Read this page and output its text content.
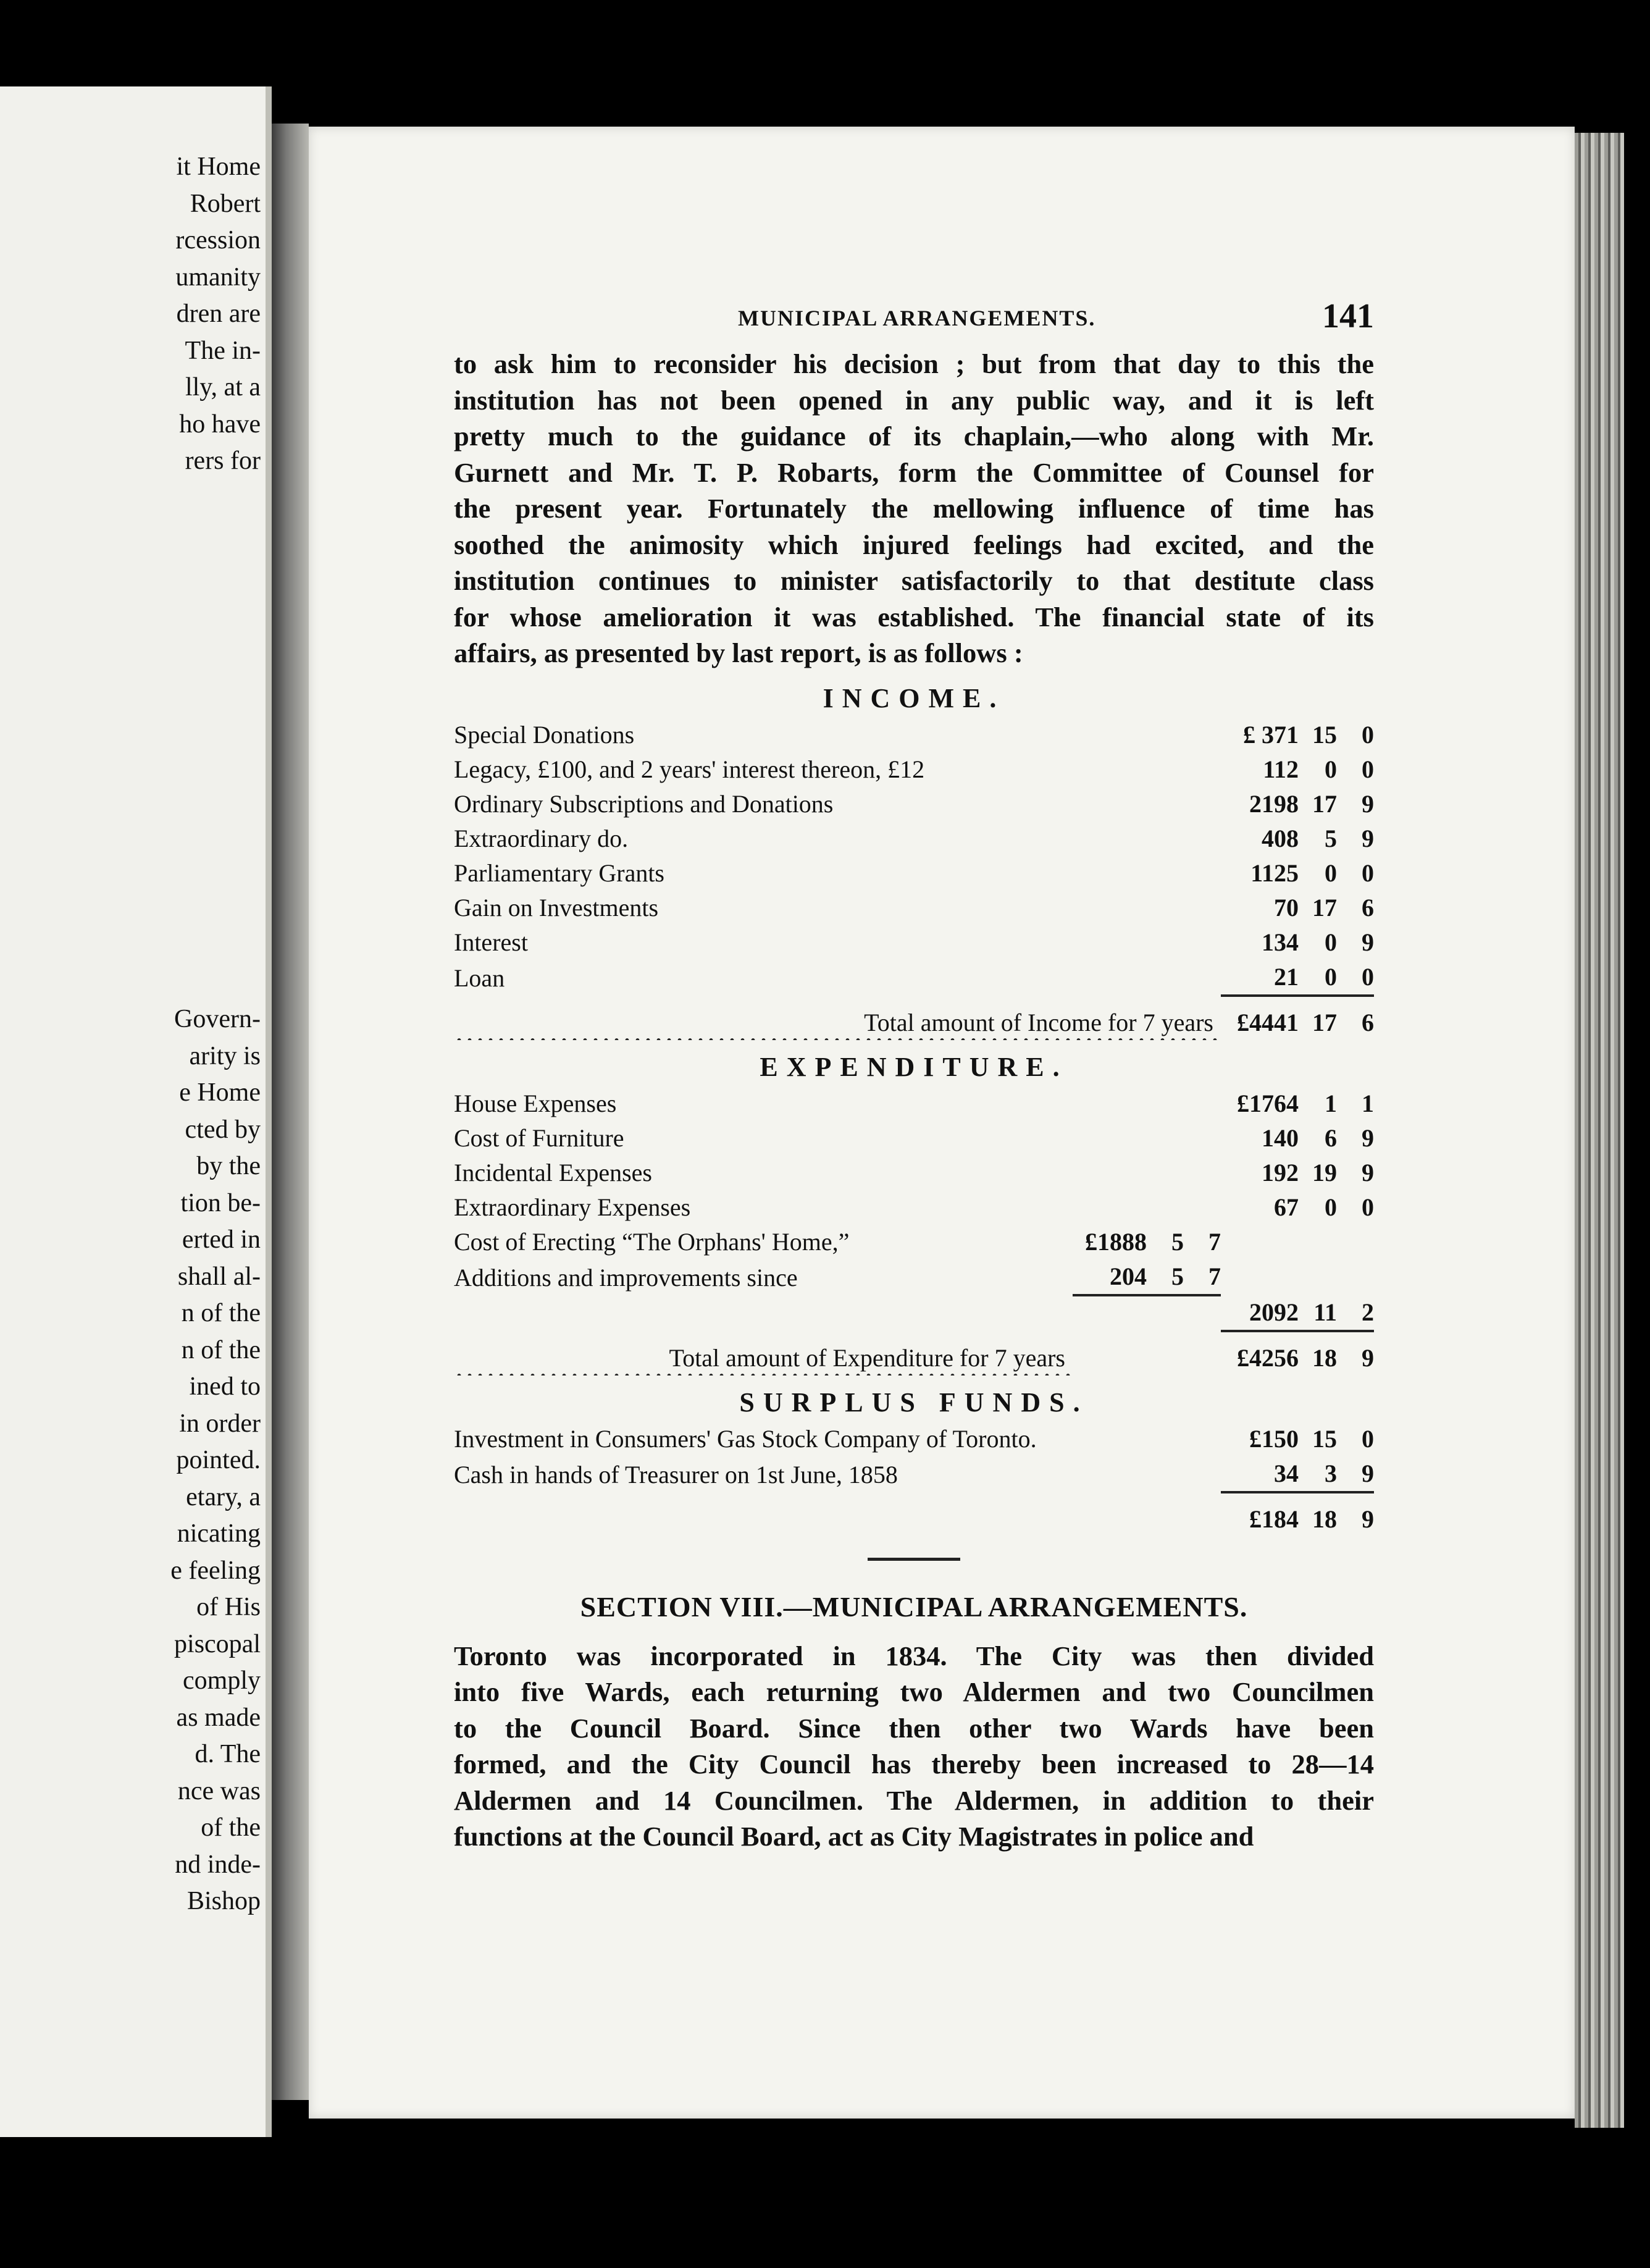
it Home
Robert
rcession
umanity
dren are
The in-
lly, at a
ho have
rers for
Govern-
arity is
e Home
cted by
by the
tion be-
erted in
shall al-
n of the
n of the
ined to
in order
pointed.
etary, a
nicating
e feeling
of His
piscopal
comply
as made
d. The
nce was
of the
nd inde-
Bishop
MUNICIPAL ARRANGEMENTS.	141

to ask him to reconsider his decision ; but from that day to this the
institution has not been opened in any public way, and it is left
pretty much to the guidance of its chaplain,—who along with Mr.
Gurnett and Mr. T. P. Robarts, form the Committee of Counsel for
the present year. Fortunately the mellowing influence of time has
soothed the animosity which injured feelings had excited, and the
institution continues to minister satisfactorily to that destitute class
for whose amelioration it was established. The financial state of its
affairs, as presented by last report, is as follows :

INCOME.
Special Donations	£ 371	15	0
Legacy, £100, and 2 years' interest thereon, £12	112	0	0
Ordinary Subscriptions and Donations	2198	17	9
Extraordinary do.	408	5	9
Parliamentary Grants	1125	0	0
Gain on Investments	70	17	6
Interest	134	0	9
Loan	21	0	0
Total amount of Income for 7 years	£4441	17	6
EXPENDITURE.
House Expenses				£1764	1	1
Cost of Furniture				140	6	9
Incidental Expenses				192	19	9
Extraordinary Expenses				67	0	0
Cost of Erecting “The Orphans' Home,”	£1888	5	7			
Additions and improvements since	204	5	7			
				2092	11	2
Total amount of Expenditure for 7 years				£4256	18	9
SURPLUS FUNDS.
Investment in Consumers' Gas Stock Company of Toronto.	£150	15	0
Cash in hands of Treasurer on 1st June, 1858	34	3	9
	£184	18	9
SECTION VIII.—MUNICIPAL ARRANGEMENTS.

Toronto was incorporated in 1834. The City was then divided
into five Wards, each returning two Aldermen and two Councilmen
to the Council Board. Since then other two Wards have been
formed, and the City Council has thereby been increased to 28—14
Aldermen and 14 Councilmen. The Aldermen, in addition to their
functions at the Council Board, act as City Magistrates in police and
